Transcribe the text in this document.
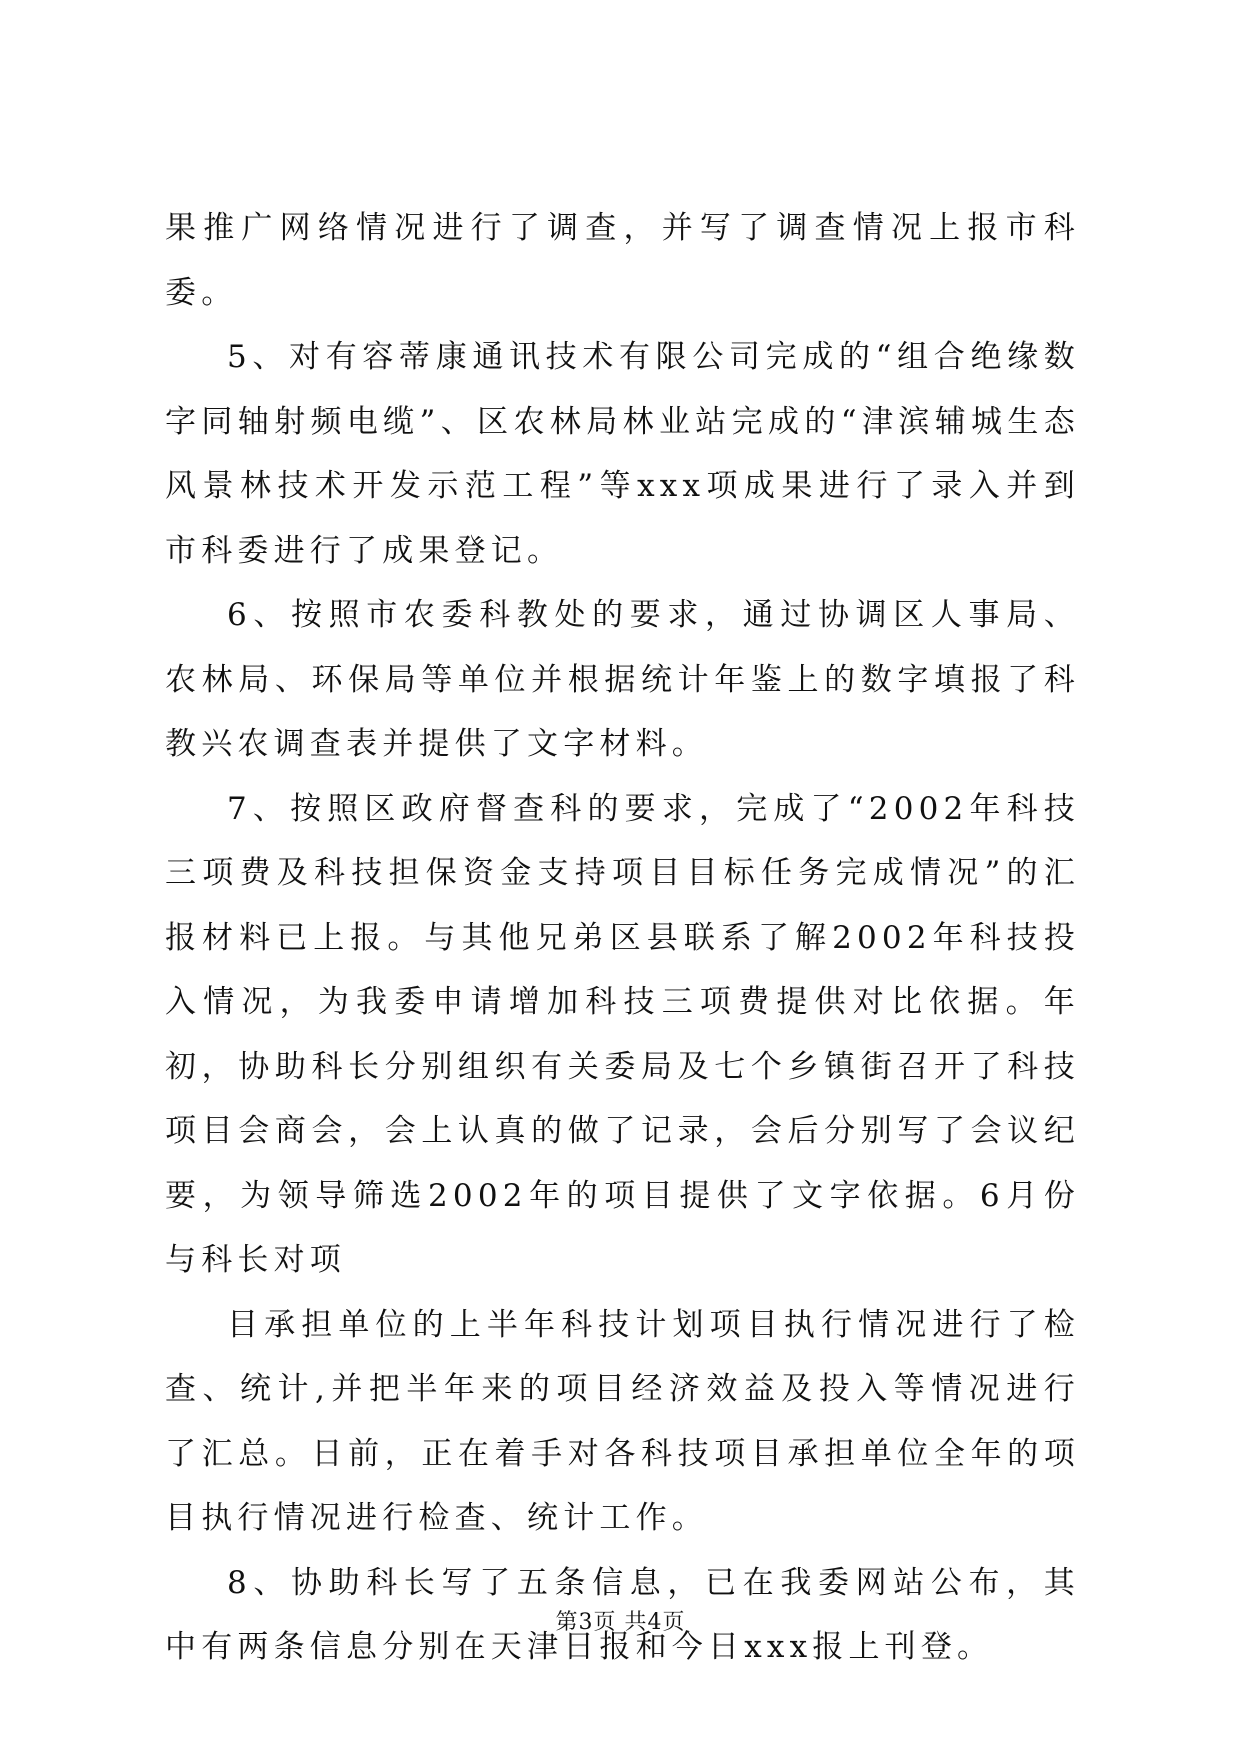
果推广网络情况进行了调查，并写了调查情况上报市科委。

5、对有容蒂康通讯技术有限公司完成的“组合绝缘数字同轴射频电缆”、区农林局林业站完成的“津滨辅城生态风景林技术开发示范工程”等xxx项成果进行了录入并到市科委进行了成果登记。

6、按照市农委科教处的要求，通过协调区人事局、农林局、环保局等单位并根据统计年鉴上的数字填报了科教兴农调查表并提供了文字材料。

7、按照区政府督查科的要求，完成了“2002年科技三项费及科技担保资金支持项目目标任务完成情况”的汇报材料已上报。与其他兄弟区县联系了解2002年科技投入情况，为我委申请增加科技三项费提供对比依据。年初，协助科长分别组织有关委局及七个乡镇街召开了科技项目会商会，会上认真的做了记录，会后分别写了会议纪要，为领导筛选2002年的项目提供了文字依据。6月份与科长对项

目承担单位的上半年科技计划项目执行情况进行了检查、统计,并把半年来的项目经济效益及投入等情况进行了汇总。日前，正在着手对各科技项目承担单位全年的项目执行情况进行检查、统计工作。

8、协助科长写了五条信息，已在我委网站公布，其中有两条信息分别在天津日报和今日xxx报上刊登。

第3页 共4页
